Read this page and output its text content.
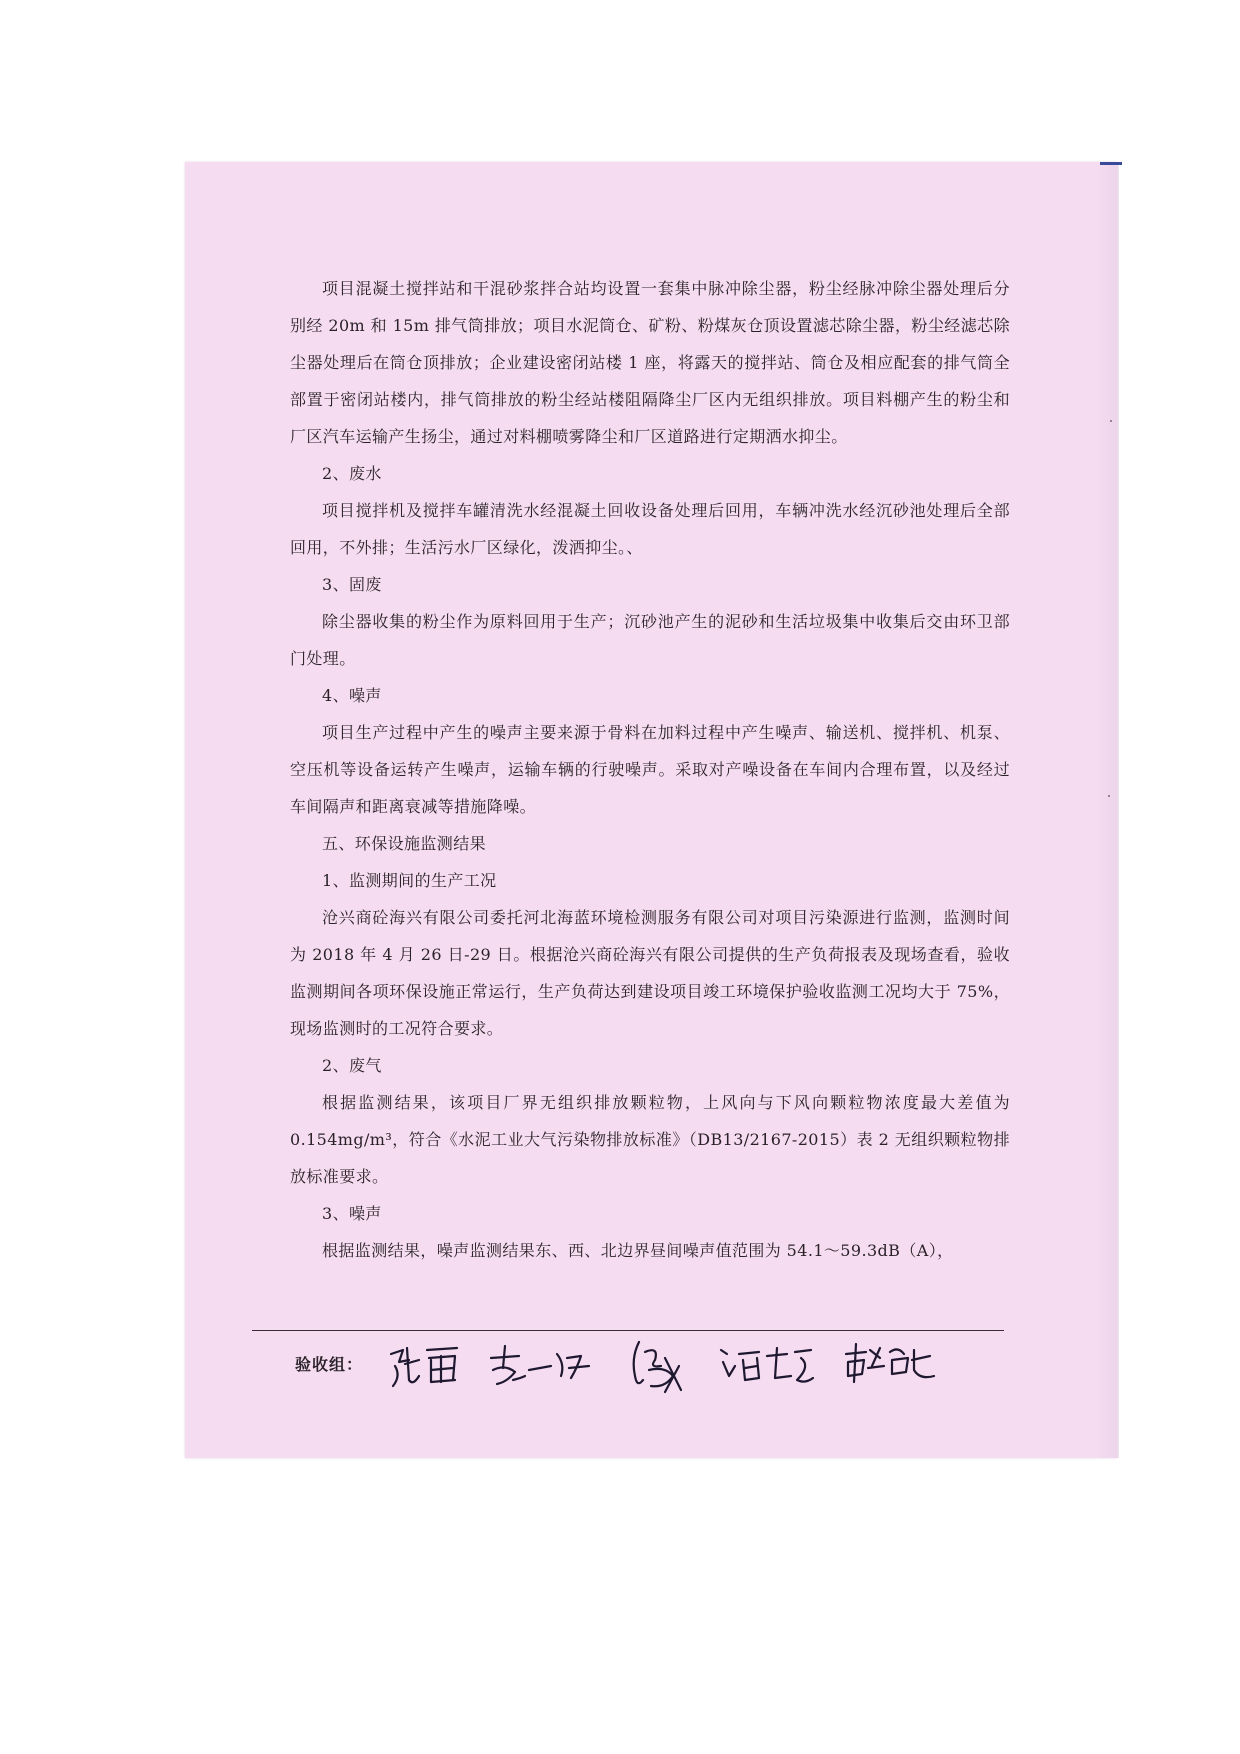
项目混凝土搅拌站和干混砂浆拌合站均设置一套集中脉冲除尘器，粉尘经脉冲除尘器处理后分别经 20m 和 15m 排气筒排放；项目水泥筒仓、矿粉、粉煤灰仓顶设置滤芯除尘器，粉尘经滤芯除尘器处理后在筒仓顶排放；企业建设密闭站楼 1 座，将露天的搅拌站、筒仓及相应配套的排气筒全部置于密闭站楼内，排气筒排放的粉尘经站楼阻隔降尘厂区内无组织排放。项目料棚产生的粉尘和厂区汽车运输产生扬尘，通过对料棚喷雾降尘和厂区道路进行定期洒水抑尘。

2、废水

项目搅拌机及搅拌车罐清洗水经混凝土回收设备处理后回用，车辆冲洗水经沉砂池处理后全部回用，不外排；生活污水厂区绿化，泼洒抑尘。、

3、固废

除尘器收集的粉尘作为原料回用于生产；沉砂池产生的泥砂和生活垃圾集中收集后交由环卫部门处理。

4、噪声

项目生产过程中产生的噪声主要来源于骨料在加料过程中产生噪声、输送机、搅拌机、机泵、空压机等设备运转产生噪声，运输车辆的行驶噪声。采取对产噪设备在车间内合理布置，以及经过车间隔声和距离衰减等措施降噪。

五、环保设施监测结果

1、监测期间的生产工况

沧兴商砼海兴有限公司委托河北海蓝环境检测服务有限公司对项目污染源进行监测，监测时间为 2018 年 4 月 26 日-29 日。根据沧兴商砼海兴有限公司提供的生产负荷报表及现场查看，验收监测期间各项环保设施正常运行，生产负荷达到建设项目竣工环境保护验收监测工况均大于 75%，现场监测时的工况符合要求。

2、废气

根据监测结果，该项目厂界无组织排放颗粒物，上风向与下风向颗粒物浓度最大差值为 0.154mg/m³，符合《水泥工业大气污染物排放标准》（DB13/2167-2015）表 2 无组织颗粒物排放标准要求。

3、噪声

根据监测结果，噪声监测结果东、西、北边界昼间噪声值范围为 54.1～59.3dB（A），

验收组：
